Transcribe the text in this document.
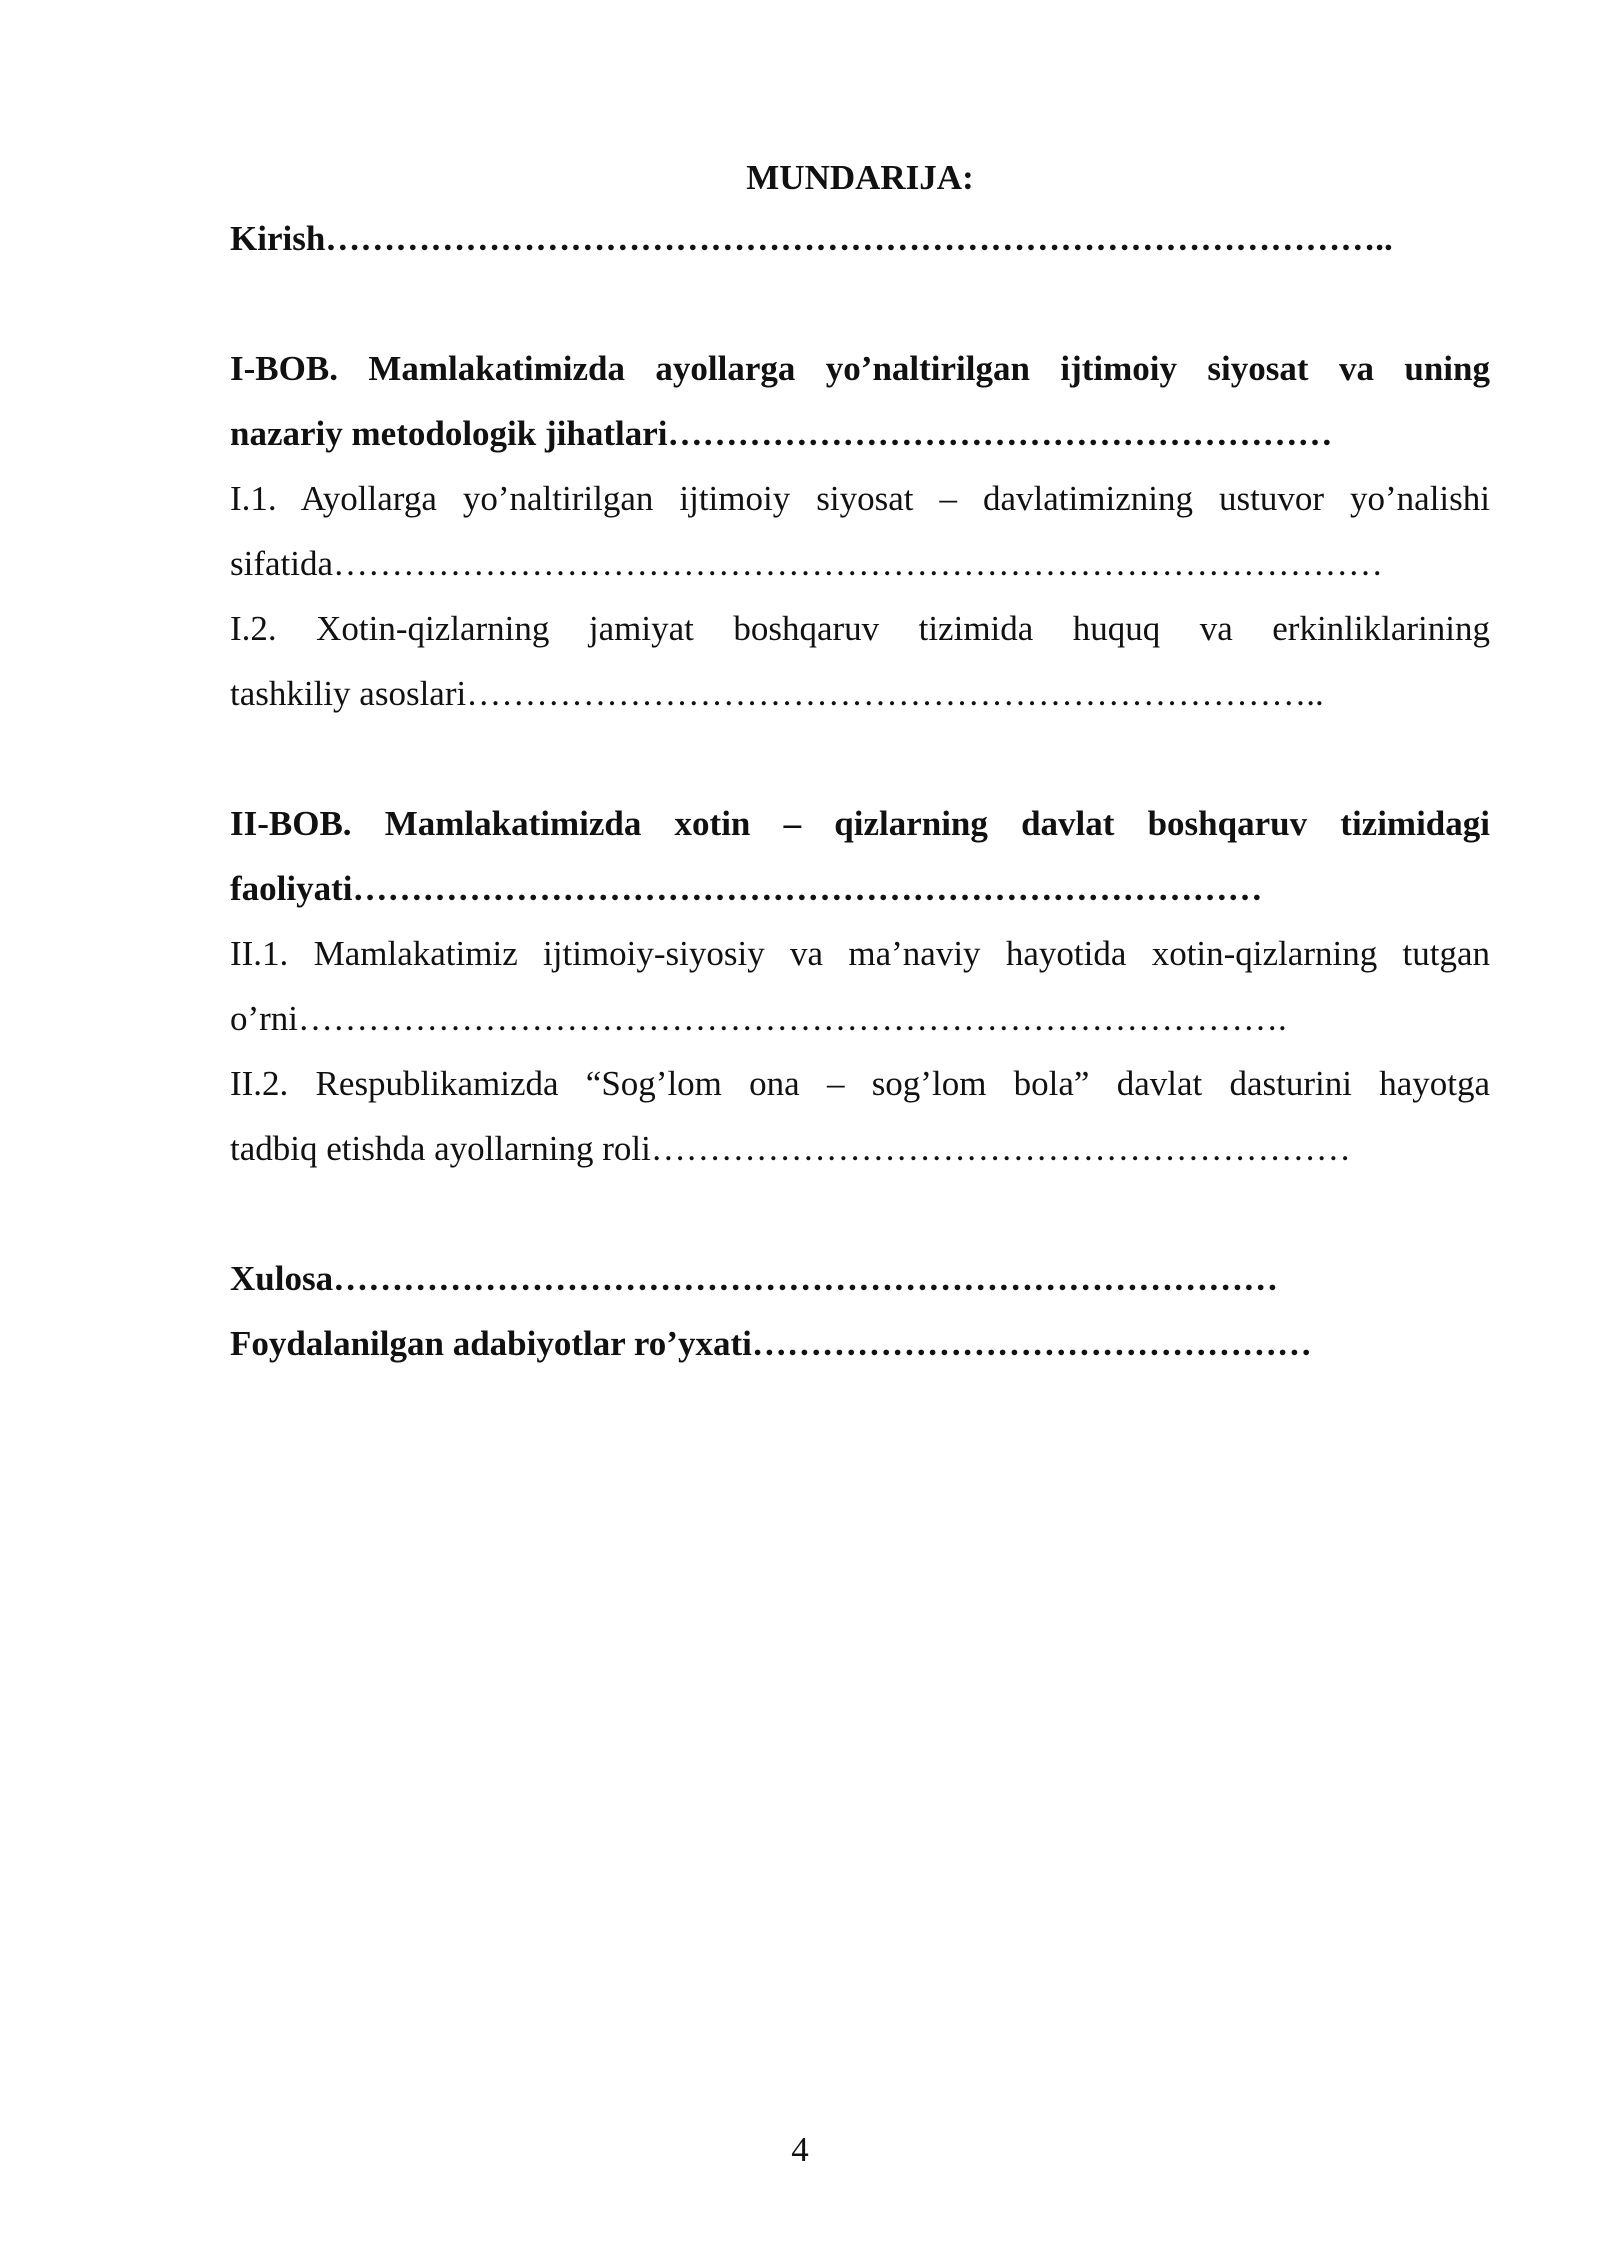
MUNDARIJA:
Kirish………………………………………………………………………………..
I-BOB. Mamlakatimizda ayollarga yo’naltirilgan ijtimoiy siyosat va uning
nazariy metodologik jihatlari…………………………………………………
I.1. Ayollarga yo’naltirilgan ijtimoiy siyosat – davlatimizning ustuvor yo’nalishi
sifatida………………………………………………………………………………
I.2. Xotin-qizlarning jamiyat boshqaruv tizimida huquq va erkinliklarining
tashkiliy asoslari………………………………………………………………..
II-BOB. Mamlakatimizda xotin – qizlarning davlat boshqaruv tizimidagi
faoliyati……………………………………………………………………
II.1. Mamlakatimiz ijtimoiy-siyosiy va ma’naviy hayotida xotin-qizlarning tutgan
o’rni………………………………………………………………………….
II.2. Respublikamizda “Sog’lom ona – sog’lom bola” davlat dasturini hayotga
tadbiq etishda ayollarning roli……………………………………………………
Xulosa………………………………………………………………………
Foydalanilgan adabiyotlar ro’yxati…………………………………………
4
